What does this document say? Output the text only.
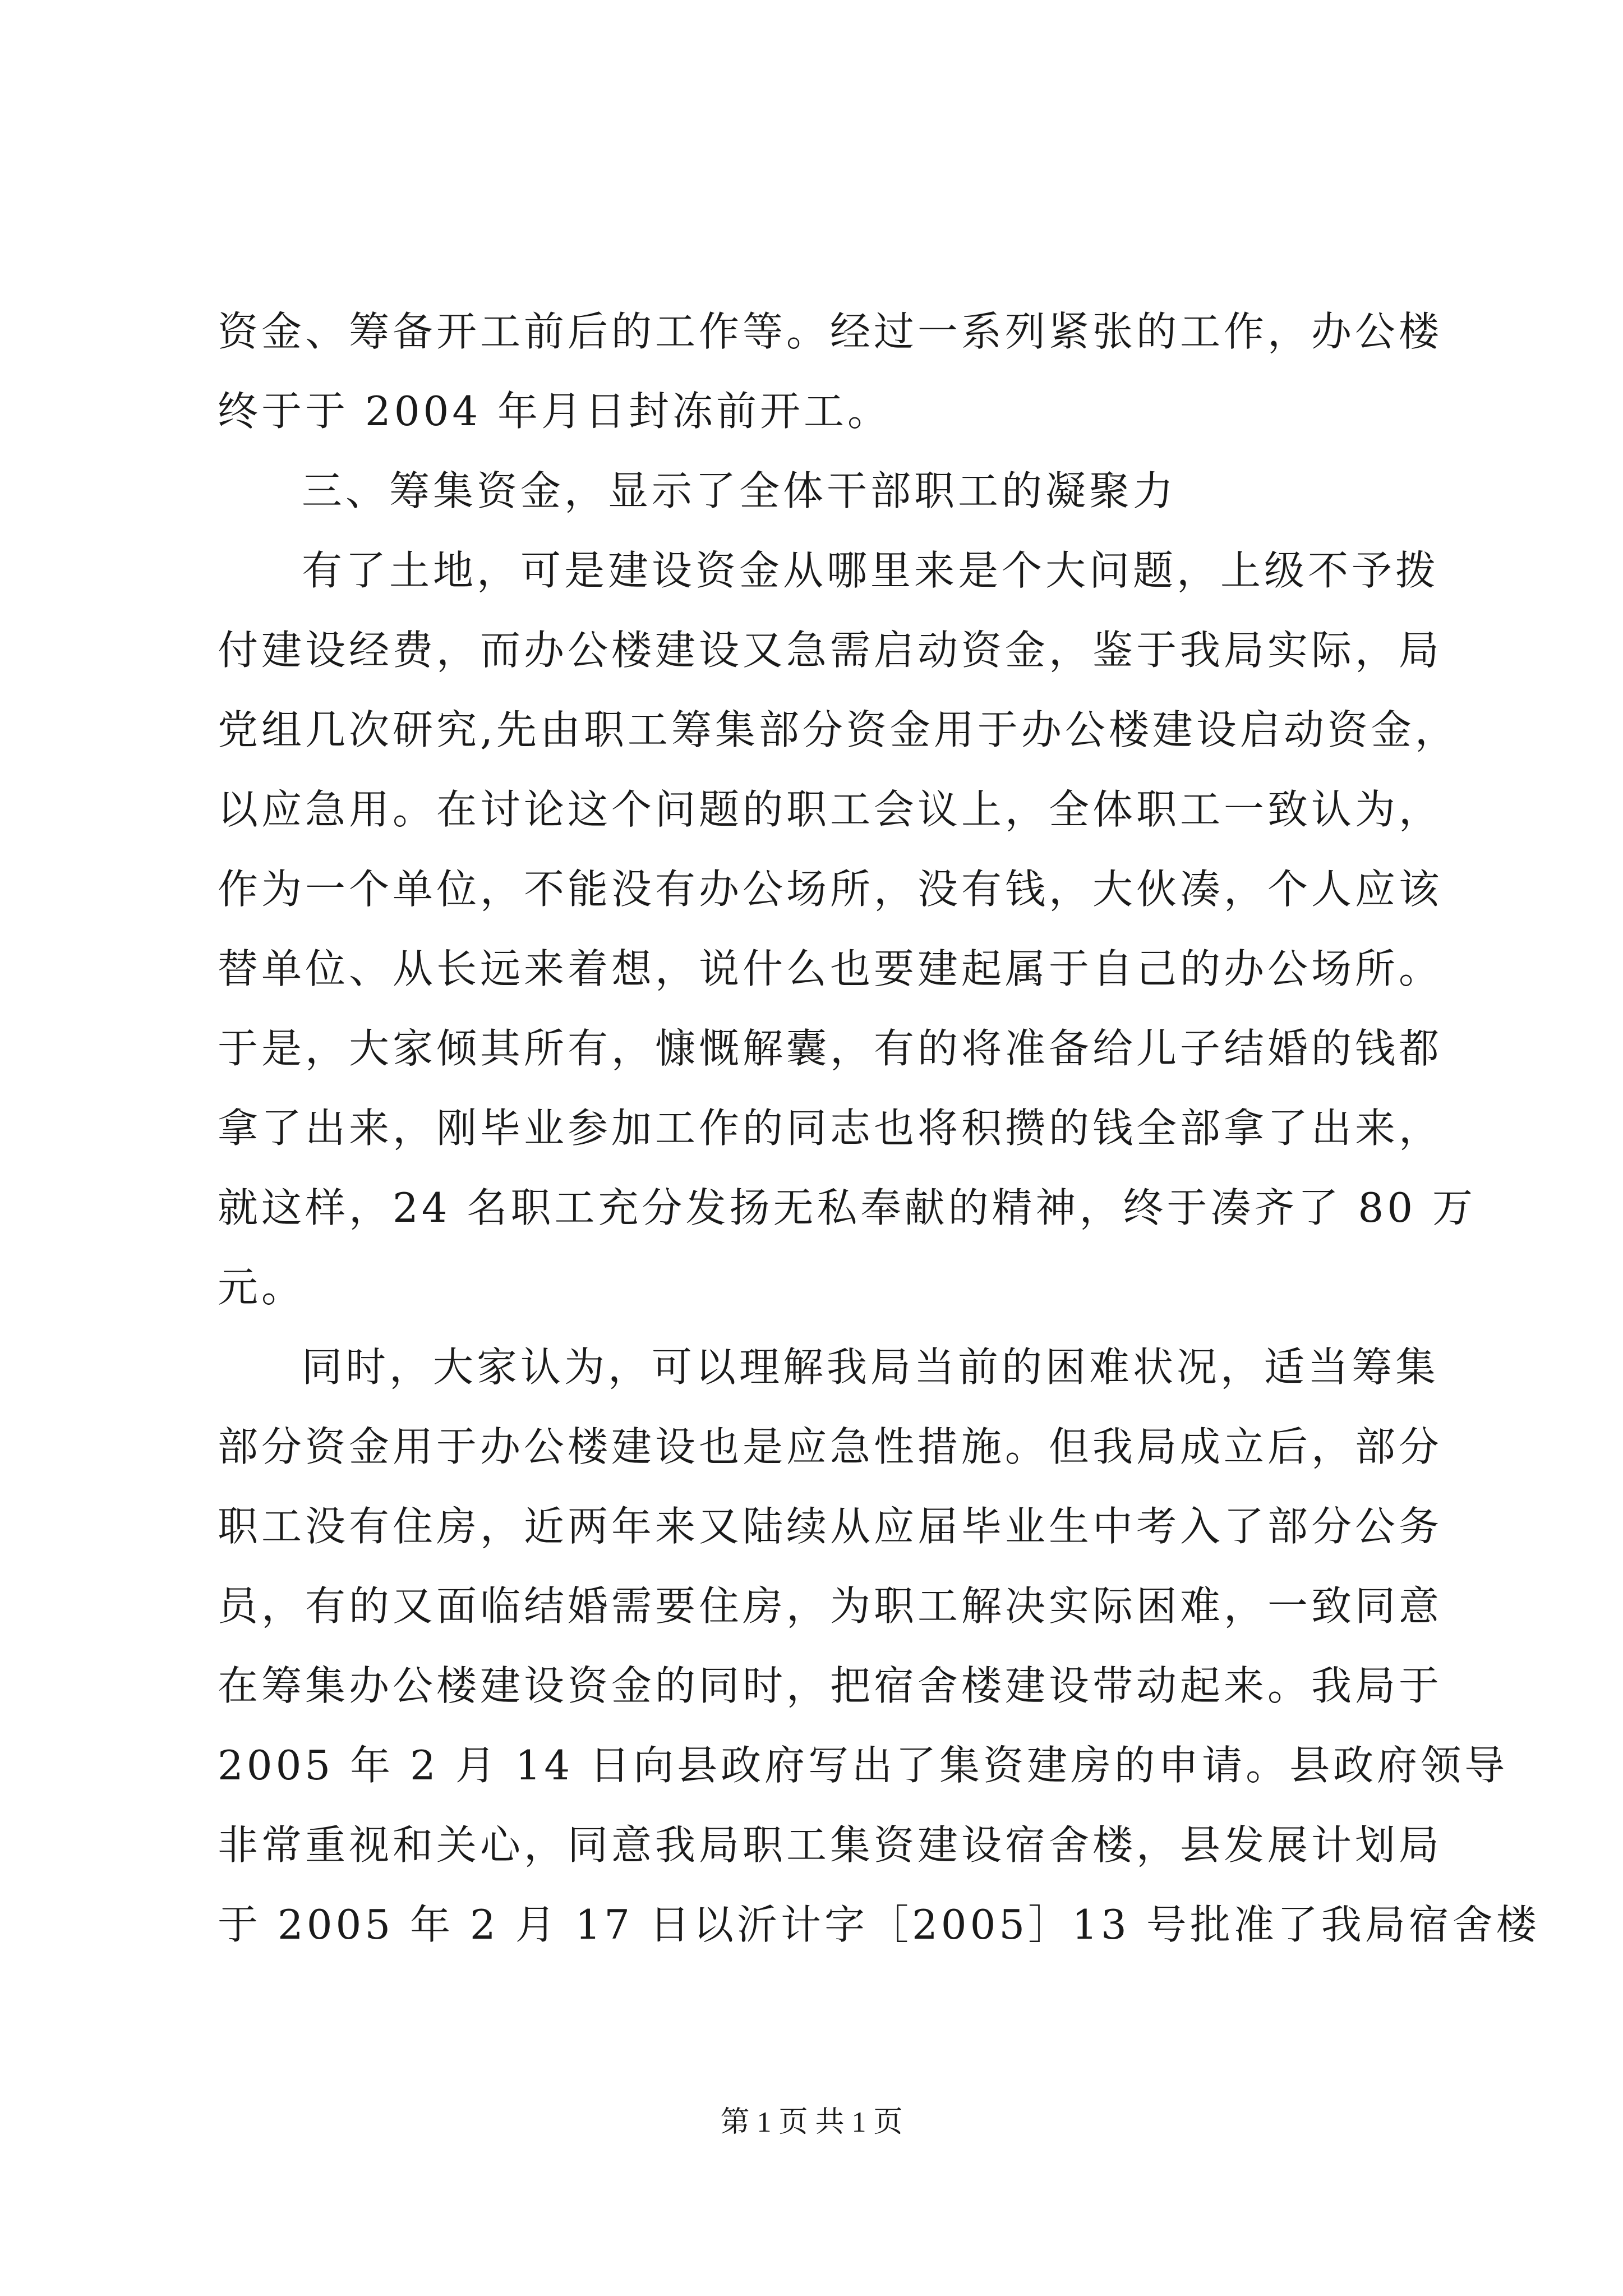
资金、筹备开工前后的工作等。经过一系列紧张的工作，办公楼
终于于 2004 年月日封冻前开工。
三、筹集资金，显示了全体干部职工的凝聚力
有了土地，可是建设资金从哪里来是个大问题，上级不予拨
付建设经费，而办公楼建设又急需启动资金，鉴于我局实际，局
党组几次研究,先由职工筹集部分资金用于办公楼建设启动资金，
以应急用。在讨论这个问题的职工会议上，全体职工一致认为，
作为一个单位，不能没有办公场所，没有钱，大伙凑，个人应该
替单位、从长远来着想，说什么也要建起属于自己的办公场所。
于是，大家倾其所有，慷慨解囊，有的将准备给儿子结婚的钱都
拿了出来，刚毕业参加工作的同志也将积攒的钱全部拿了出来，
就这样，24 名职工充分发扬无私奉献的精神，终于凑齐了 80 万
元。
同时，大家认为，可以理解我局当前的困难状况，适当筹集
部分资金用于办公楼建设也是应急性措施。但我局成立后，部分
职工没有住房，近两年来又陆续从应届毕业生中考入了部分公务
员，有的又面临结婚需要住房，为职工解决实际困难，一致同意
在筹集办公楼建设资金的同时，把宿舍楼建设带动起来。我局于
2005 年 2 月 14 日向县政府写出了集资建房的申请。县政府领导
非常重视和关心，同意我局职工集资建设宿舍楼，县发展计划局
于 2005 年 2 月 17 日以沂计字［2005］13 号批准了我局宿舍楼
第 1 页 共 1 页
